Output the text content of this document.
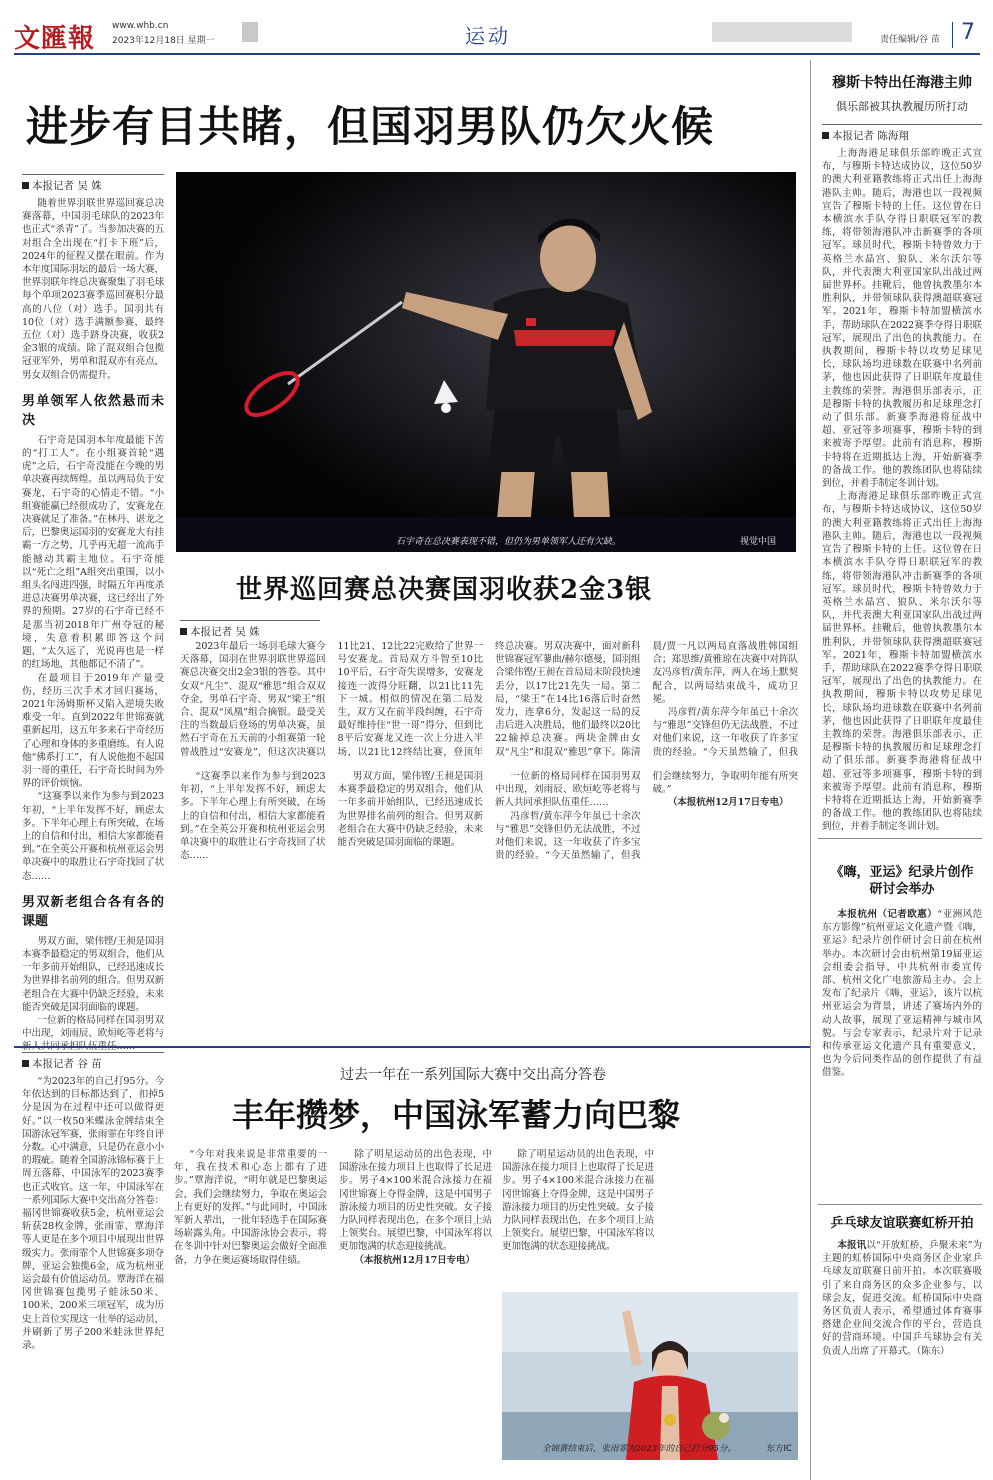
文匯報 www.whb.cn
2023年12月18日 星期一	运动	责任编辑/谷 苗 7
进步有目共睹，但国羽男队仍欠火候
本报记者 吴 姝

随着世界羽联世界巡回赛总决赛落幕，中国羽毛球队的2023年也正式“杀青”了。当参加决赛的五对组合全出现在“打卡下班”后，2024年的征程又摆在眼前。作为本年度国际羽坛的最后一场大赛，世界羽联年终总决赛聚集了羽毛球每个单项2023赛季巡回赛积分最高的八位（对）选手。国羽共有10位（对）选手满额参赛，最终五位（对）选手跻身决赛，收获2金3银的成绩。除了混双组合包揽冠亚军外，男单和混双亦有亮点，男女双组合仍需提升。

男单领军人依然悬而未决

石宇奇是国羽本年度最能下苦的“打工人”。在小组赛首轮“遇虎”之后，石宇奇没能在今晚的男单决赛再续辉煌。虽以两局负于安赛龙，石宇奇的心情走不错。“小组赛能赢已经很成功了，安赛龙在决赛就足了准备。”在林丹、谌龙之后，巴黎奥运国羽的安赛龙大有挂霸一方之势，几乎再无超一流高手能撼动其霸主地位。石宇奇能以“死亡之组”A组突出重围，以小组头名闯进四强，时隔五年再度杀进总决赛男单决赛，这已经出了外界的预期。27岁的石宇奇已经不是那当初2018年广州夺冠的秘境，失意着积累即答这个问题，“太久远了，光说再也是一样的红场地，其他都记不清了”。

在最项目于2019年产量受伤，经历三次手术才回归赛场，2021年汤姆斯杯又陷入逆境失败难受一年。直到2022年世锦赛就重新起用，这五年多来石宇奇经历了心理和身体的多重磨练。有人说他“佛系打工”，有人说他抱不起国羽一哥的重任，石宇奇长时间为外界的评价烦恼。

“这赛季以来作为参与到2023年初，“上半年发挥不好，顾虑太多。下半年心理上有所突破，在场上的自信和付出，相信大家都能看到。”在全英公开赛和杭州亚运会男单决赛中的取胜让石宇奇找回了状态……

男双新老组合各有各的课题

男双方面，梁伟铿/王昶是国羽本赛季最稳定的男双组合，他们从一年多前开始组队，已经迅速成长为世界排名前列的组合。但男双新老组合在大赛中仍缺乏经验，未来能否突破是国羽面临的课题。

一位新的格局同样在国羽男双中出现，刘雨辰、欧烜屹等老将与新人共同承担队伍重任……

石宇奇在总决赛表现不错，但仍为男单领军人还有欠缺。	视觉中国
世界巡回赛总决赛国羽收获2金3银
本报记者 吴 姝

2023年最后一场羽毛球大赛今天落幕，国羽在世界羽联世界巡回赛总决赛交出2金3银的答卷。其中女双“凡尘”、混双“雅思”组合双双夺金，男单石宇奇、男双“梁王”组合、混双“凤凰”组合摘银。最受关注的当数最后登场的男单决赛，虽然石宇奇在五天前的小组赛第一轮曾战胜过“安赛龙”，但这次决赛以11比21、12比22完败给了世界一号安赛龙。首局双方斗智至10比10平后，石宇奇失误增多，安赛龙接连一波得分旺翻，以21比11先下一城。相似的情况在第二局发生，双方又在前半段纠缠，石宇奇最好维持住“世一哥”得分，但到比8平后安赛龙又连一次上分进入半场，以21比12终结比赛，登顶年终总决赛。男双决赛中，面对新科世锦赛冠军蓼曲/赫尔德曼，国羽组合梁伟铿/王昶在首局局末阶段快速丢分，以17比21先失一局。第二局，“梁王”在14比16落后时奋然发力，连拿6分，发起这一局的反击后进入决胜局，他们最终以20比22输掉总决赛。两块金牌由女双“凡尘”和混双“雅思”拿下。陈清晨/贾一凡以两局直落战胜韩国组合；郑思维/黄雅琼在决赛中对阵队友冯彦哲/黄东萍，两人在场上默契配合，以两局结束战斗，成功卫冕。

冯彦哲/黄东萍今年虽已十余次与“雅思”交锋但仍无法战胜，不过对他们来说，这一年收获了许多宝贵的经验。“今天虽然输了，但我

“这赛季以来作为参与到2023年初，“上半年发挥不好，顾虑太多。下半年心理上有所突破，在场上的自信和付出，相信大家都能看到。”在全英公开赛和杭州亚运会男单决赛中的取胜让石宇奇找回了状态……

男双方面，梁伟铿/王昶是国羽本赛季最稳定的男双组合，他们从一年多前开始组队，已经迅速成长为世界排名前列的组合。但男双新老组合在大赛中仍缺乏经验，未来能否突破是国羽面临的课题。

一位新的格局同样在国羽男双中出现，刘雨辰、欧烜屹等老将与新人共同承担队伍重任……

冯彦哲/黄东萍今年虽已十余次与“雅思”交锋但仍无法战胜，不过对他们来说，这一年收获了许多宝贵的经验。“今天虽然输了，但我们会继续努力，争取明年能有所突破。”

（本报杭州12月17日专电）

穆斯卡特出任海港主帅
俱乐部被其执教履历所打动
本报记者 陈海翔

上海海港足球俱乐部昨晚正式宣布，与穆斯卡特达成协议，这位50岁的澳大利亚籍教练将正式出任上海海港队主帅。随后，海港也以一段视频宣告了穆斯卡特的上任。这位曾在日本横滨水手队夺得日职联冠军的教练，将带领海港队冲击新赛季的各项冠军。球员时代，穆斯卡特曾效力于英格兰水晶宫、狼队、米尔沃尔等队，并代表澳大利亚国家队出战过两届世界杯。挂靴后，他曾执教墨尔本胜利队，并带领球队获得澳超联赛冠军。2021年，穆斯卡特加盟横滨水手，帮助球队在2022赛季夺得日职联冠军，展现出了出色的执教能力。在执教期间，穆斯卡特以攻势足球见长，球队场均进球数在联赛中名列前茅，他也因此获得了日职联年度最佳主教练的荣誉。海港俱乐部表示，正是穆斯卡特的执教履历和足球理念打动了俱乐部。新赛季海港将征战中超、亚冠等多项赛事，穆斯卡特的到来被寄予厚望。此前有消息称，穆斯卡特将在近期抵达上海，开始新赛季的备战工作。他的教练团队也将陆续到位，并着手制定冬训计划。

上海海港足球俱乐部昨晚正式宣布，与穆斯卡特达成协议，这位50岁的澳大利亚籍教练将正式出任上海海港队主帅。随后，海港也以一段视频宣告了穆斯卡特的上任。这位曾在日本横滨水手队夺得日职联冠军的教练，将带领海港队冲击新赛季的各项冠军。球员时代，穆斯卡特曾效力于英格兰水晶宫、狼队、米尔沃尔等队，并代表澳大利亚国家队出战过两届世界杯。挂靴后，他曾执教墨尔本胜利队，并带领球队获得澳超联赛冠军。2021年，穆斯卡特加盟横滨水手，帮助球队在2022赛季夺得日职联冠军，展现出了出色的执教能力。在执教期间，穆斯卡特以攻势足球见长，球队场均进球数在联赛中名列前茅，他也因此获得了日职联年度最佳主教练的荣誉。海港俱乐部表示，正是穆斯卡特的执教履历和足球理念打动了俱乐部。新赛季海港将征战中超、亚冠等多项赛事，穆斯卡特的到来被寄予厚望。此前有消息称，穆斯卡特将在近期抵达上海，开始新赛季的备战工作。他的教练团队也将陆续到位，并着手制定冬训计划。

《嗨，亚运》纪录片创作研讨会举办

本报杭州（记者欧惠）“亚洲风范 东方影像”杭州亚运文化遗产暨《嗨，亚运》纪录片创作研讨会日前在杭州举办。本次研讨会由杭州第19届亚运会组委会指导，中共杭州市委宣传部、杭州文化广电旅游局主办。会上发布了纪录片《嗨，亚运》，该片以杭州亚运会为背景，讲述了赛场内外的动人故事，展现了亚运精神与城市风貌。与会专家表示，纪录片对于记录和传承亚运文化遗产具有重要意义，也为今后同类作品的创作提供了有益借鉴。

乒乓球友谊联赛虹桥开拍

本报讯以“开放虹桥，乒聚未来”为主题的虹桥国际中央商务区企业家乒乓球友谊联赛日前开拍。本次联赛吸引了来自商务区的众多企业参与，以球会友，促进交流。虹桥国际中央商务区负责人表示，希望通过体育赛事搭建企业间交流合作的平台，营造良好的营商环境。中国乒乓球协会有关负责人出席了开幕式。（陈东）

本报记者 谷 苗

“为2023年的自己打95分。今年依达到的目标都达到了，扣掉5分是因为在过程中还可以做得更好。”以一枚50米蝶泳金牌结束全国游泳冠军赛，张雨霏在年终自评分数。心中满意，只是仍在意小小的瑕疵。随着全国游泳锦标赛于上周五落幕，中国泳军的2023赛季也正式收官。这一年，中国泳军在一系列国际大赛中交出高分答卷：福冈世锦赛收获5金，杭州亚运会斩获28枚金牌，张雨霏、覃海洋等人更是在多个项目中展现出世界级实力。张雨霏个人世锦赛多项夺牌，亚运会独揽6金，成为杭州亚运会最有价值运动员。覃海洋在福冈世锦赛包揽男子蛙泳50米、100米、200米三项冠军，成为历史上首位实现这一壮举的运动员，并刷新了男子200米蛙泳世界纪录。

过去一年在一系列国际大赛中交出高分答卷
丰年攒梦，中国泳军蓄力向巴黎

“今年对我来说是非常重要的一年，我在技术和心态上都有了进步。”覃海洋说，“明年就是巴黎奥运会，我们会继续努力，争取在奥运会上有更好的发挥。”与此同时，中国泳军新人辈出，一批年轻选手在国际赛场崭露头角。中国游泳协会表示，将在冬训中针对巴黎奥运会做好全面准备，力争在奥运赛场取得佳绩。

除了明星运动员的出色表现，中国游泳在接力项目上也取得了长足进步。男子4×100米混合泳接力在福冈世锦赛上夺得金牌，这是中国男子游泳接力项目的历史性突破。女子接力队同样表现出色，在多个项目上站上领奖台。展望巴黎，中国泳军将以更加饱满的状态迎接挑战。

（本报杭州12月17日专电）

除了明星运动员的出色表现，中国游泳在接力项目上也取得了长足进步。男子4×100米混合泳接力在福冈世锦赛上夺得金牌，这是中国男子游泳接力项目的历史性突破。女子接力队同样表现出色，在多个项目上站上领奖台。展望巴黎，中国泳军将以更加饱满的状态迎接挑战。

全锦赛结束后，张雨霏为2023年的自己打分95分。	东方IC
